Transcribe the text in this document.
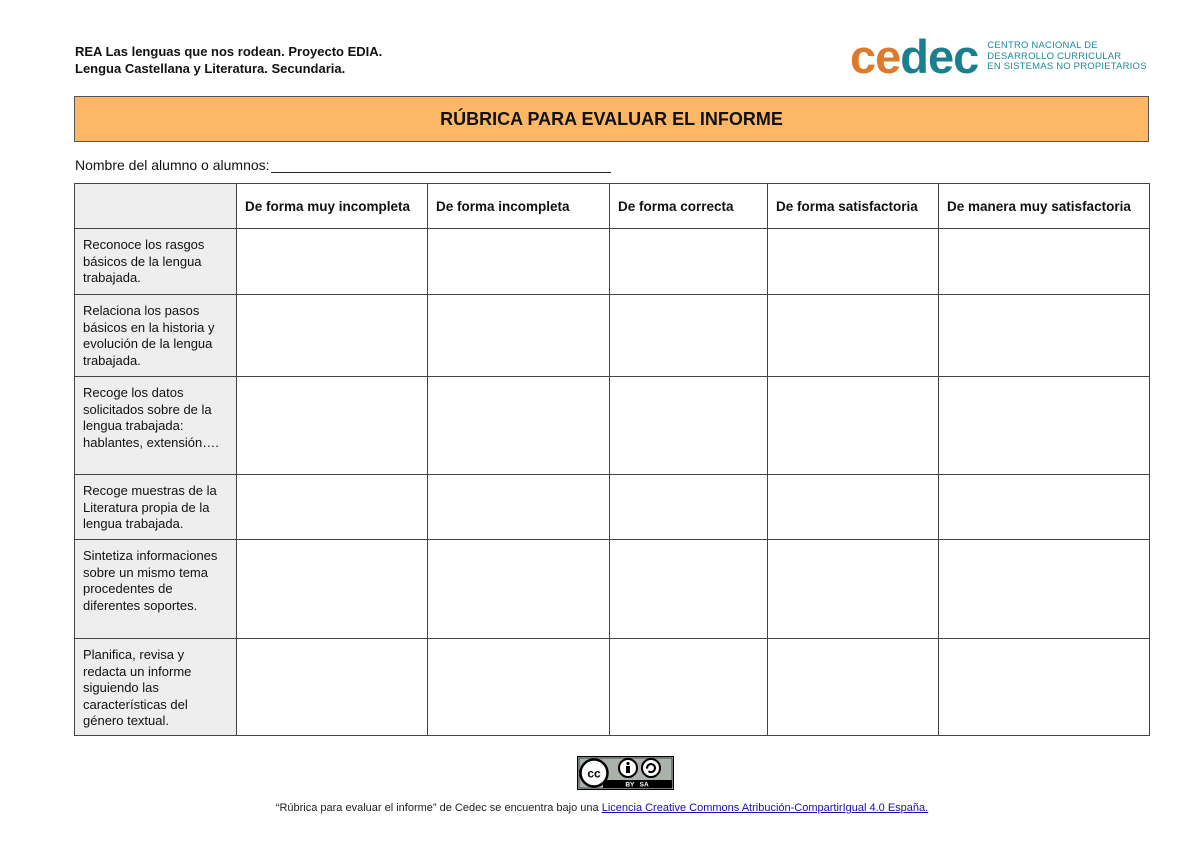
REA Las lenguas que nos rodean. Proyecto EDIA.
Lengua Castellana y Literatura. Secundaria.	cedec CENTRO NACIONAL DE
DESARROLLO CURRICULAR
EN SISTEMAS NO PROPIETARIOS
RÚBRICA PARA EVALUAR EL INFORME
Nombre del alumno o alumnos:
	De forma muy incompleta	De forma incompleta	De forma correcta	De forma satisfactoria	De manera muy satisfactoria
Reconoce los rasgos básicos de la lengua trabajada.					
Relaciona los pasos básicos en la historia y evolución de la lengua trabajada.					
Recoge los datos solicitados sobre de la lengua trabajada: hablantes, extensión….					
Recoge muestras de la Literatura propia de la lengua trabajada.					
Sintetiza informaciones sobre un mismo tema procedentes de diferentes soportes.					
Planifica, revisa y redacta un informe siguiendo las características del género textual.					
cc
BY   SA
“Rúbrica para evaluar el informe” de Cedec se encuentra bajo una Licencia Creative Commons Atribución-CompartirIgual 4.0 España.
